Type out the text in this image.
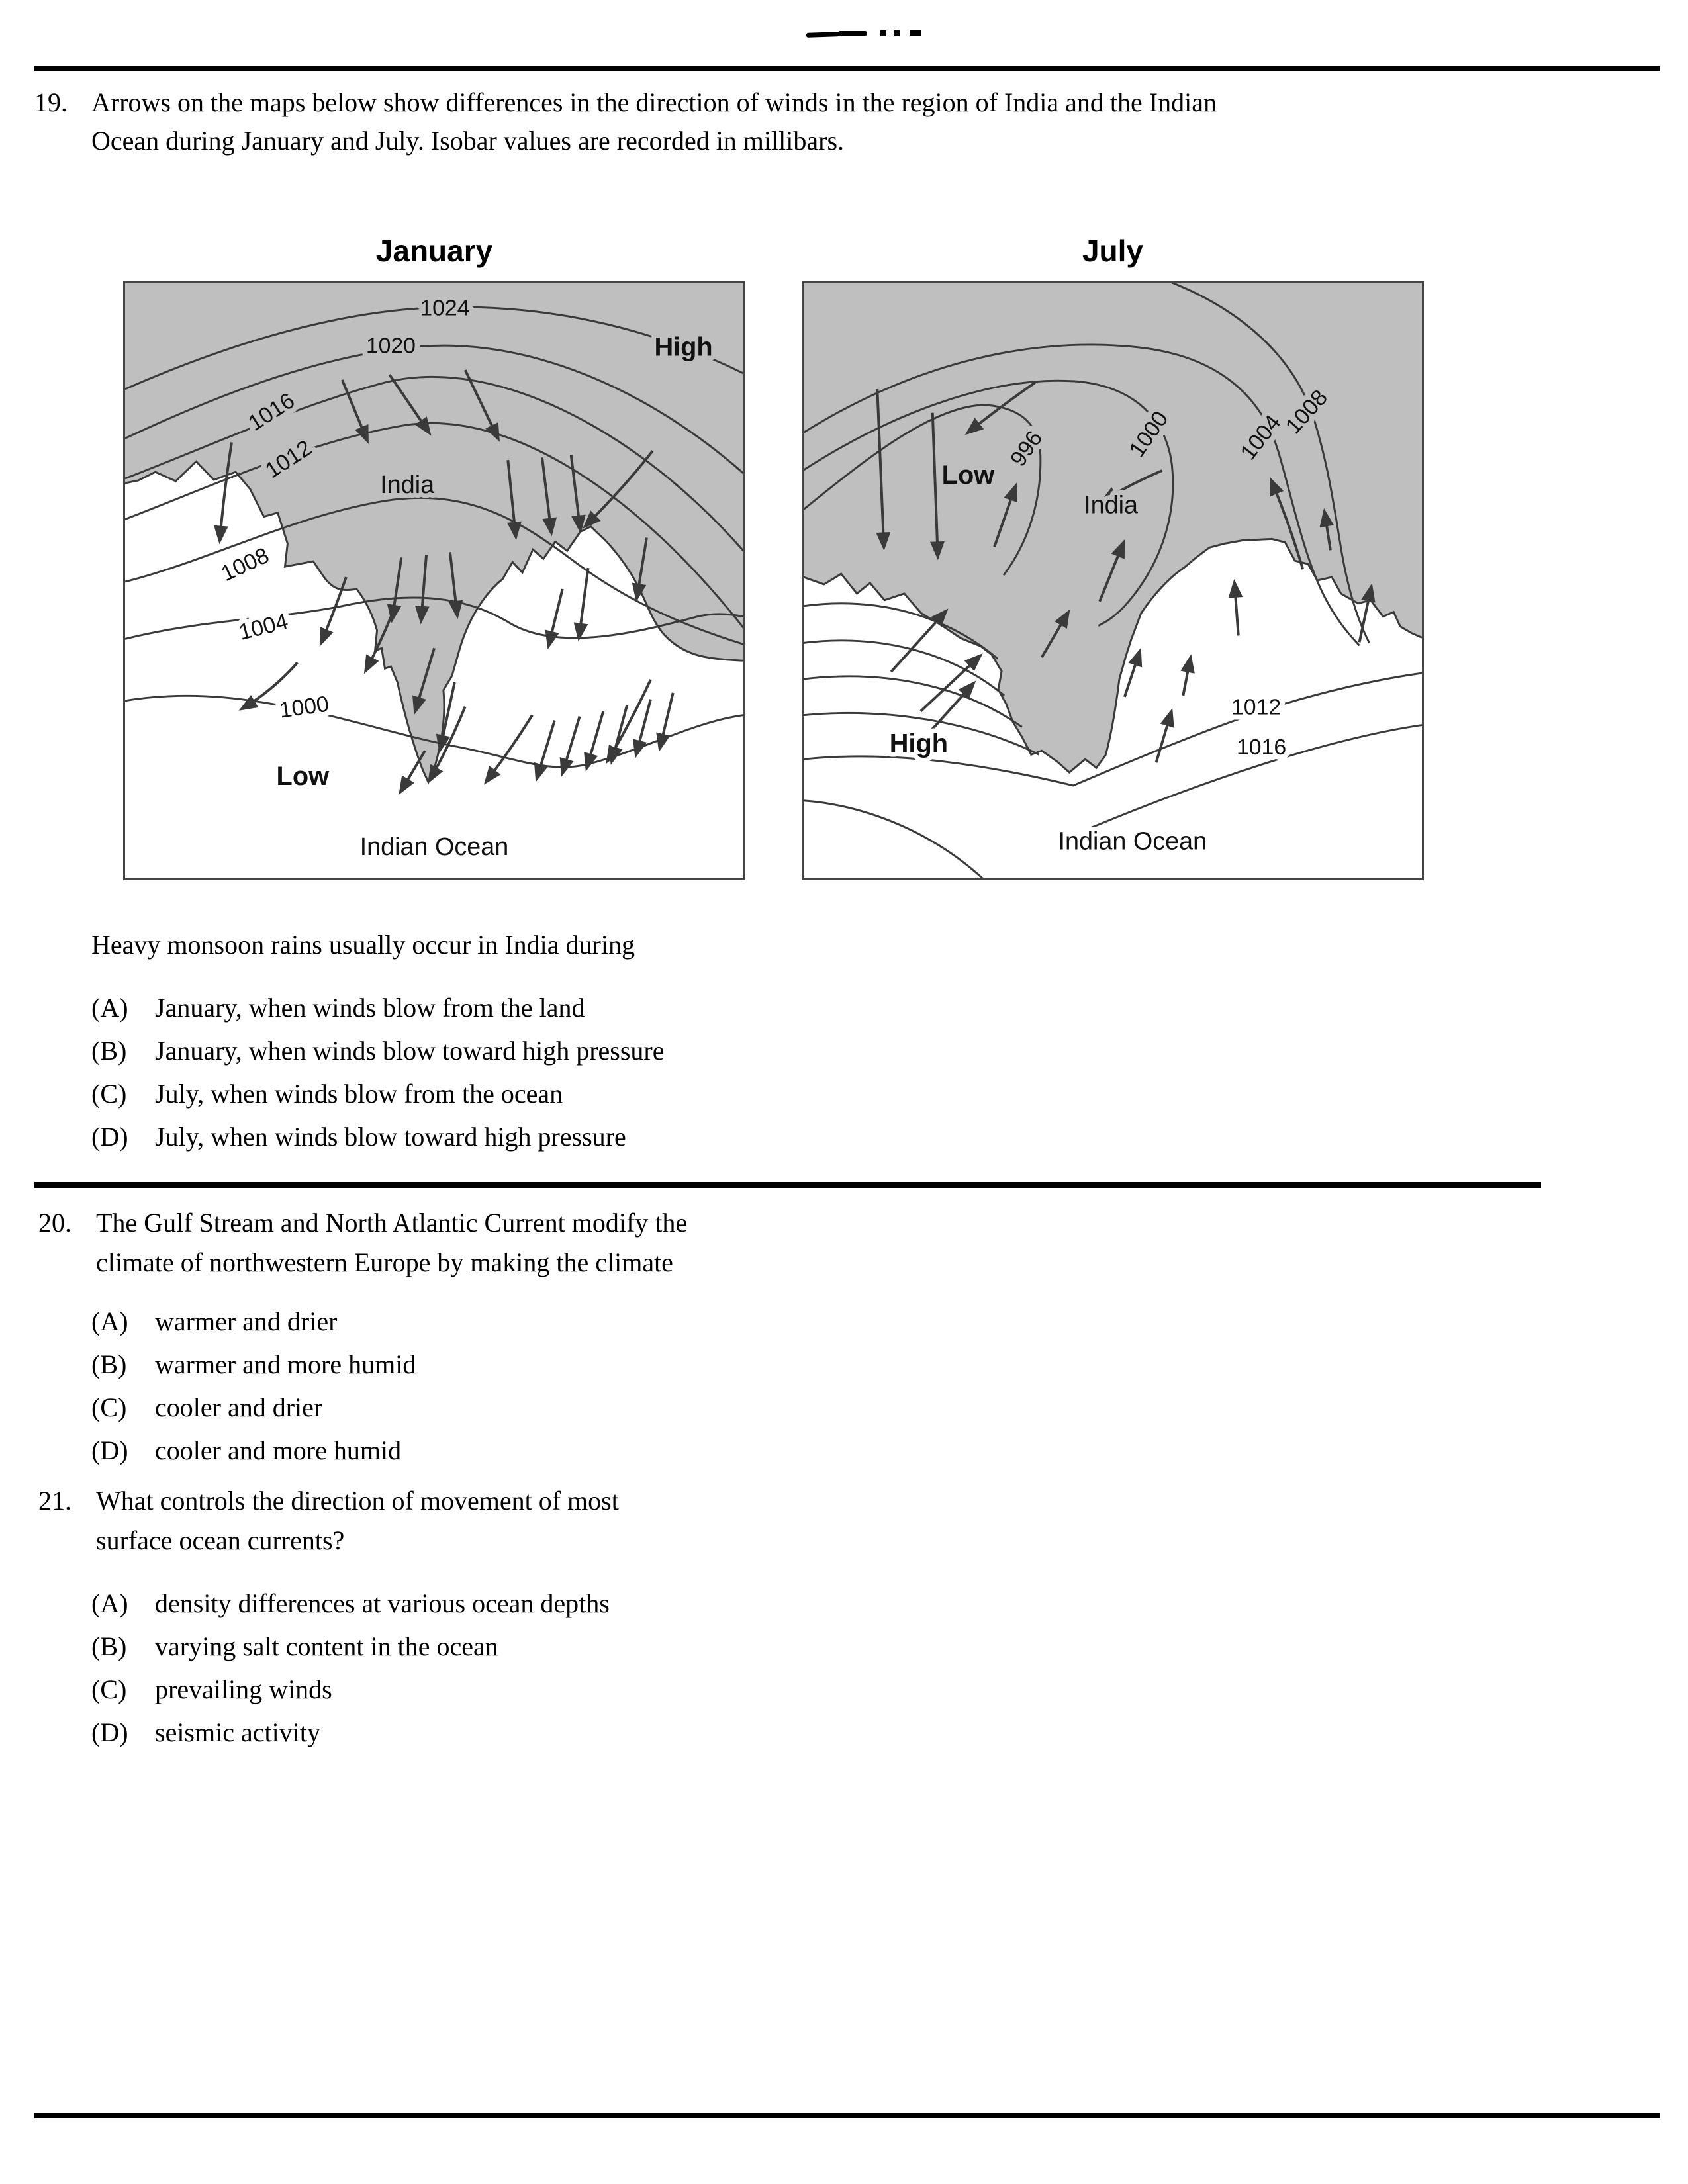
19. Arrows on the maps below show differences in the direction of winds in the region of India and the Indian
Ocean during January and July. Isobar values are recorded in millibars.
January
1024
1020
1016
1012
1008
1004
1000
High
India
Low
Indian Ocean
July
996	1000	1004
1008
1012
1016
Low
India
High
Indian Ocean
Heavy monsoon rains usually occur in India during
(A)	January, when winds blow from the land
(B)	January, when winds blow toward high pressure
(C)	July, when winds blow from the ocean
(D)	July, when winds blow toward high pressure
20. The Gulf Stream and North Atlantic Current modify the
climate of northwestern Europe by making the climate
(A)	warmer and drier
(B)	warmer and more humid
(C)	cooler and drier
(D)	cooler and more humid
21. What controls the direction of movement of most
surface ocean currents?
(A)	density differences at various ocean depths
(B)	varying salt content in the ocean
(C)	prevailing winds
(D)	seismic activity
